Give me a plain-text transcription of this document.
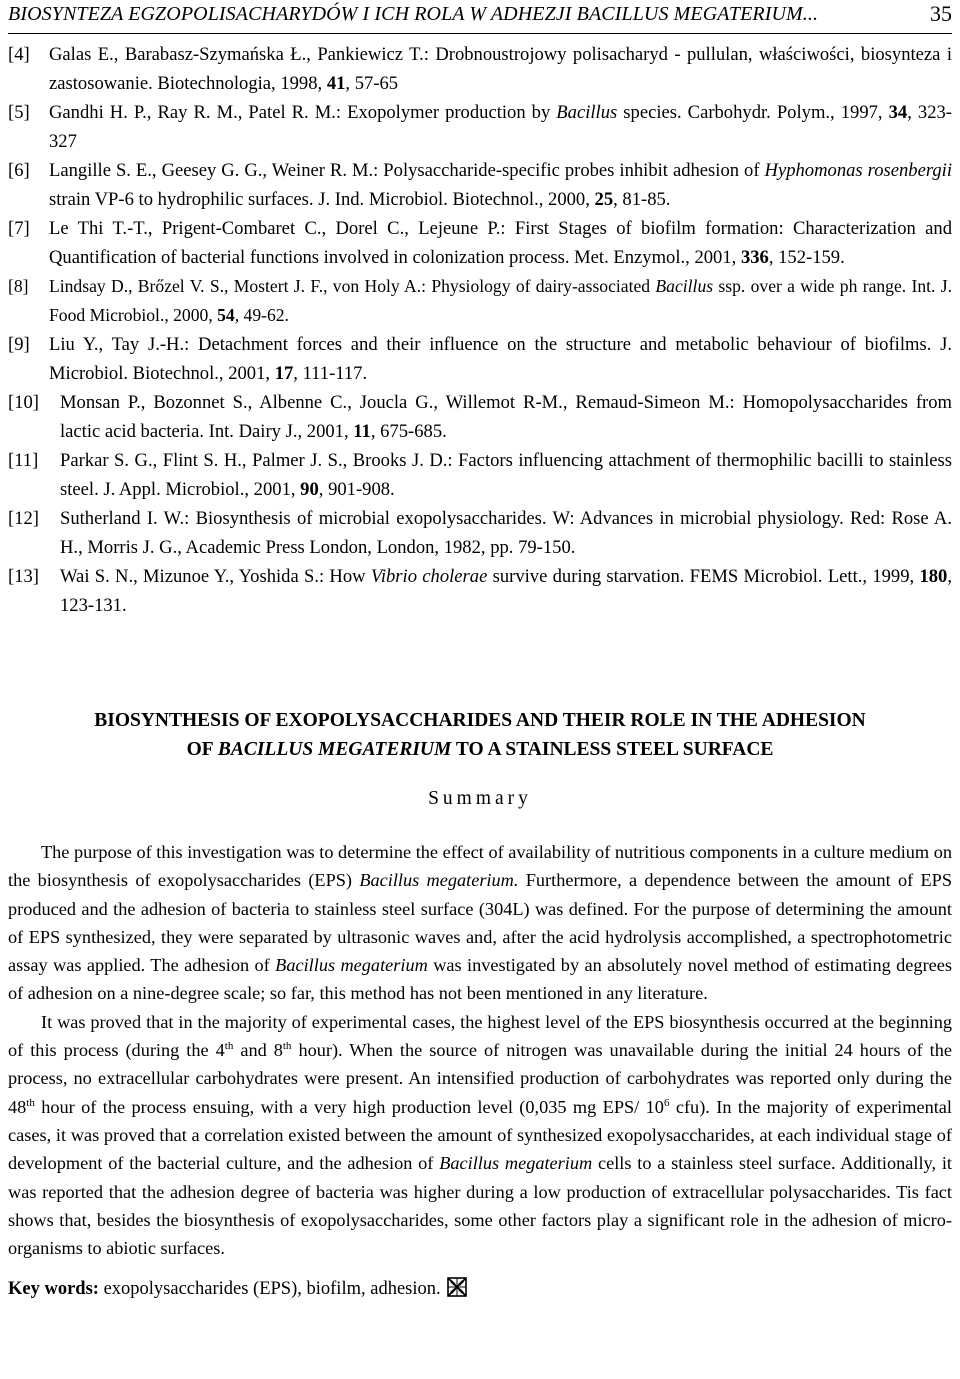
BIOSYNTEZA EGZOPOLISACHARYDÓW I ICH ROLA W ADHEZJI BACILLUS MEGATERIUM...	35
[4] Galas E., Barabasz-Szymańska Ł., Pankiewicz T.: Drobnoustrojowy polisacharyd - pullulan, właściwości, biosynteza i zastosowanie. Biotechnologia, 1998, 41, 57-65
[5] Gandhi H. P., Ray R. M., Patel R. M.: Exopolymer production by Bacillus species. Carbohydr. Polym., 1997, 34, 323-327
[6] Langille S. E., Geesey G. G., Weiner R. M.: Polysaccharide-specific probes inhibit adhesion of Hyphomonas rosenbergii strain VP-6 to hydrophilic surfaces. J. Ind. Microbiol. Biotechnol., 2000, 25, 81-85.
[7] Le Thi T.-T., Prigent-Combaret C., Dorel C., Lejeune P.: First Stages of biofilm formation: Characterization and Quantification of bacterial functions involved in colonization process. Met. Enzymol., 2001, 336, 152-159.
[8] Lindsay D., Brőzel V. S., Mostert J. F., von Holy A.: Physiology of dairy-associated Bacillus ssp. over a wide ph range. Int. J. Food Microbiol., 2000, 54, 49-62.
[9] Liu Y., Tay J.-H.: Detachment forces and their influence on the structure and metabolic behaviour of biofilms. J. Microbiol. Biotechnol., 2001, 17, 111-117.
[10] Monsan P., Bozonnet S., Albenne C., Joucla G., Willemot R-M., Remaud-Simeon M.: Homopolysaccharides from lactic acid bacteria. Int. Dairy J., 2001, 11, 675-685.
[11] Parkar S. G., Flint S. H., Palmer J. S., Brooks J. D.: Factors influencing attachment of thermophilic bacilli to stainless steel. J. Appl. Microbiol., 2001, 90, 901-908.
[12] Sutherland I. W.: Biosynthesis of microbial exopolysaccharides. W: Advances in microbial physiology. Red: Rose A. H., Morris J. G., Academic Press London, London, 1982, pp. 79-150.
[13] Wai S. N., Mizunoe Y., Yoshida S.: How Vibrio cholerae survive during starvation. FEMS Microbiol. Lett., 1999, 180, 123-131.
BIOSYNTHESIS OF EXOPOLYSACCHARIDES AND THEIR ROLE IN THE ADHESION
OF BACILLUS MEGATERIUM TO A STAINLESS STEEL SURFACE
Summary

The purpose of this investigation was to determine the effect of availability of nutritious components in a culture medium on the biosynthesis of exopolysaccharides (EPS) Bacillus megaterium. Furthermore, a dependence between the amount of EPS produced and the adhesion of bacteria to stainless steel surface (304L) was defined. For the purpose of determining the amount of EPS synthesized, they were separated by ultrasonic waves and, after the acid hydrolysis accomplished, a spectrophotometric assay was applied. The adhesion of Bacillus megaterium was investigated by an absolutely novel method of estimating degrees of adhesion on a nine-degree scale; so far, this method has not been mentioned in any literature.

It was proved that in the majority of experimental cases, the highest level of the EPS biosynthesis occurred at the beginning of this process (during the 4th and 8th hour). When the source of nitrogen was unavailable during the initial 24 hours of the process, no extracellular carbohydrates were present. An intensified production of carbohydrates was reported only during the 48th hour of the process ensuing, with a very high production level (0,035 mg EPS/ $10^6$ cfu). In the majority of experimental cases, it was proved that a correlation existed between the amount of synthesized exopolysaccharides, at each individual stage of development of the bacterial culture, and the adhesion of Bacillus megaterium cells to a stainless steel surface. Additionally, it was reported that the adhesion degree of bacteria was higher during a low production of extracellular polysaccharides. Tis fact shows that, besides the biosynthesis of exopolysaccharides, some other factors play a significant role in the adhesion of micro-organisms to abiotic surfaces.

Key words: exopolysaccharides (EPS), biofilm, adhesion.
